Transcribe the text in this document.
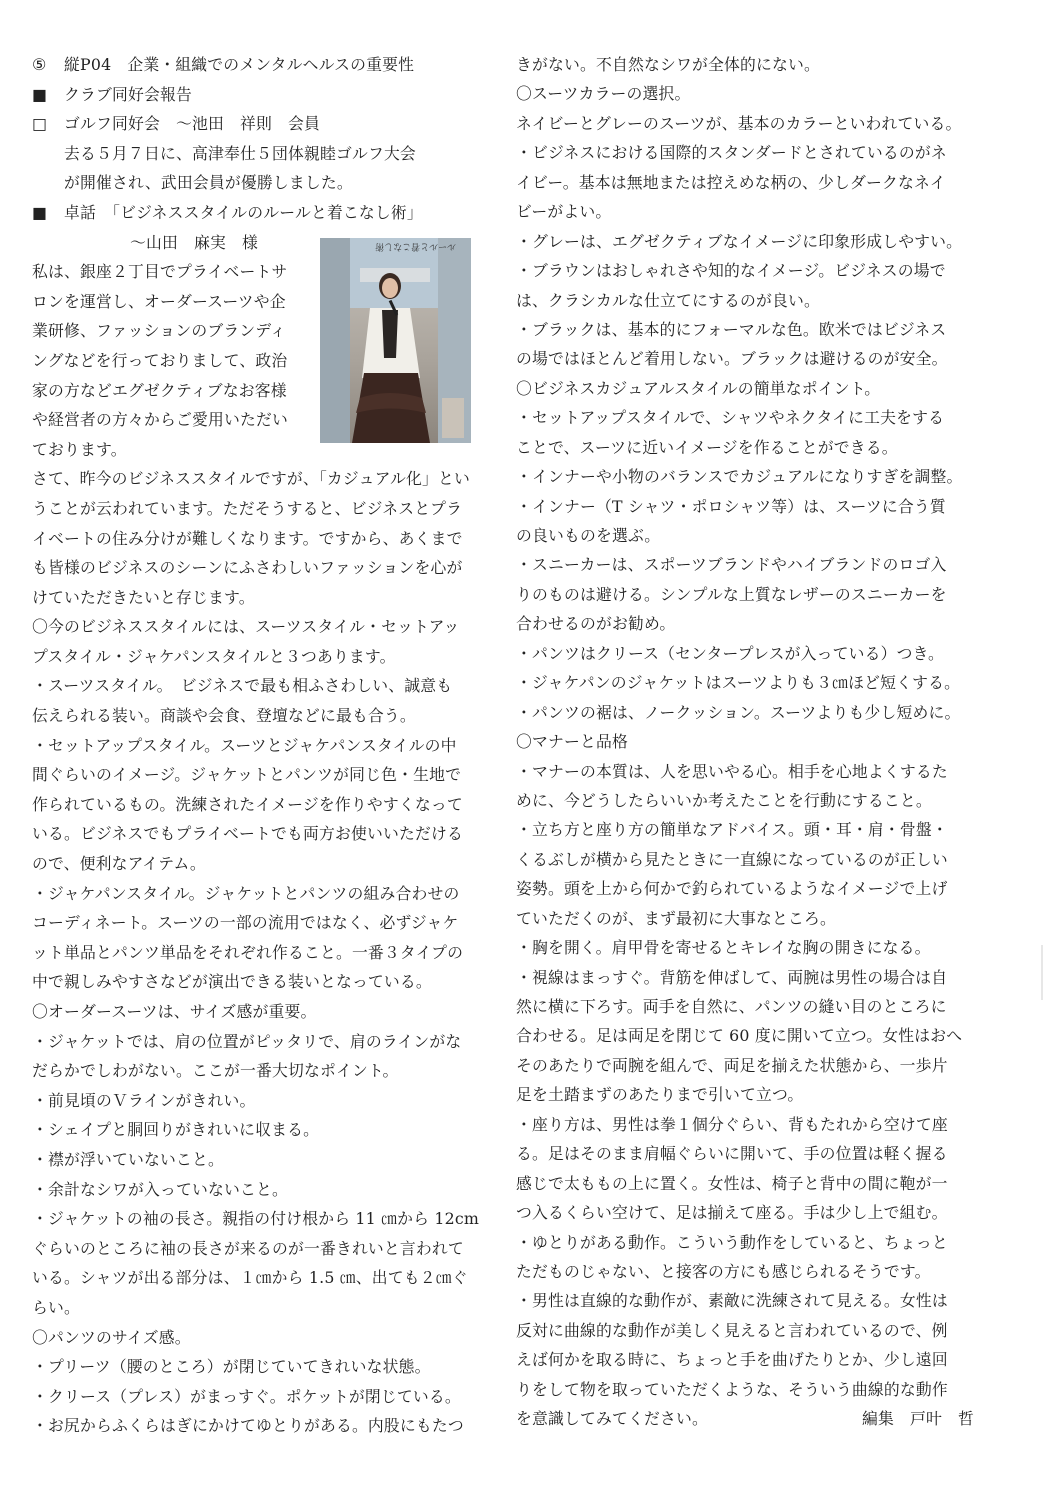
⑤ 縦P04　企業・組織でのメンタルヘルスの重要性
■ クラブ同好会報告
□ ゴルフ同好会　～池田　祥則　会員
去る５月７日に、高津奉仕５団体親睦ゴルフ大会
が開催され、武田会員が優勝しました。
■ 卓話　「ビジネススタイルのルールと着こなし術」
～山田　麻実　様
私は、銀座２丁目でプライベートサ
ロンを運営し、オーダースーツや企
業研修、ファッションのブランディ
ングなどを行っておりまして、政治
家の方などエグゼクティブなお客様
や経営者の方々からご愛用いただい
ております。
さて、昨今のビジネススタイルですが、「カジュアル化」とい
うことが云われています。ただそうすると、ビジネスとプラ
イベートの住み分けが難しくなります。ですから、あくまで
も皆様のビジネスのシーンにふさわしいファッションを心が
けていただきたいと存じます。
〇今のビジネススタイルには、スーツスタイル・セットアッ
プスタイル・ジャケパンスタイルと３つあります。
・スーツスタイル。　ビジネスで最も相ふさわしい、誠意も
伝えられる装い。商談や会食、登壇などに最も合う。
・セットアップスタイル。スーツとジャケパンスタイルの中
間ぐらいのイメージ。ジャケットとパンツが同じ色・生地で
作られているもの。洗練されたイメージを作りやすくなって
いる。ビジネスでもプライベートでも両方お使いいただける
ので、便利なアイテム。
・ジャケパンスタイル。ジャケットとパンツの組み合わせの
コーディネート。スーツの一部の流用ではなく、必ずジャケ
ット単品とパンツ単品をそれぞれ作ること。一番３タイプの
中で親しみやすさなどが演出できる装いとなっている。
〇オーダースーツは、サイズ感が重要。
・ジャケットでは、肩の位置がピッタリで、肩のラインがな
だらかでしわがない。ここが一番大切なポイント。
・前見頃のＶラインがきれい。
・シェイプと胴回りがきれいに収まる。
・襟が浮いていないこと。
・余計なシワが入っていないこと。
・ジャケットの袖の長さ。親指の付け根から 11 ㎝から 12cm
ぐらいのところに袖の長さが来るのが一番きれいと言われて
いる。シャツが出る部分は、１㎝から 1.5 ㎝、出ても２㎝ぐ
らい。
〇パンツのサイズ感。
・プリーツ（腰のところ）が閉じていてきれいな状態。
・クリース（プレス）がまっすぐ。ポケットが閉じている。
・お尻からふくらはぎにかけてゆとりがある。内股にもたつ
ルールと着こなし術
きがない。不自然なシワが全体的にない。
〇スーツカラーの選択。
ネイビーとグレーのスーツが、基本のカラーといわれている。
・ビジネスにおける国際的スタンダードとされているのがネ
イビー。基本は無地または控えめな柄の、少しダークなネイ
ビーがよい。
・グレーは、エグゼクティブなイメージに印象形成しやすい。
・ブラウンはおしゃれさや知的なイメージ。ビジネスの場で
は、クラシカルな仕立てにするのが良い。
・ブラックは、基本的にフォーマルな色。欧米ではビジネス
の場ではほとんど着用しない。ブラックは避けるのが安全。
〇ビジネスカジュアルスタイルの簡単なポイント。
・セットアップスタイルで、シャツやネクタイに工夫をする
ことで、スーツに近いイメージを作ることができる。
・インナーや小物のバランスでカジュアルになりすぎを調整。
・インナー（T シャツ・ポロシャツ等）は、スーツに合う質
の良いものを選ぶ。
・スニーカーは、スポーツブランドやハイブランドのロゴ入
りのものは避ける。シンプルな上質なレザーのスニーカーを
合わせるのがお勧め。
・パンツはクリース（センタープレスが入っている）つき。
・ジャケパンのジャケットはスーツよりも３㎝ほど短くする。
・パンツの裾は、ノークッション。スーツよりも少し短めに。
〇マナーと品格
・マナーの本質は、人を思いやる心。相手を心地よくするた
めに、今どうしたらいいか考えたことを行動にすること。
・立ち方と座り方の簡単なアドバイス。頭・耳・肩・骨盤・
くるぶしが横から見たときに一直線になっているのが正しい
姿勢。頭を上から何かで釣られているようなイメージで上げ
ていただくのが、まず最初に大事なところ。
・胸を開く。肩甲骨を寄せるとキレイな胸の開きになる。
・視線はまっすぐ。背筋を伸ばして、両腕は男性の場合は自
然に横に下ろす。両手を自然に、パンツの縫い目のところに
合わせる。足は両足を閉じて 60 度に開いて立つ。女性はおへ
そのあたりで両腕を組んで、両足を揃えた状態から、一歩片
足を土踏まずのあたりまで引いて立つ。
・座り方は、男性は拳１個分ぐらい、背もたれから空けて座
る。足はそのまま肩幅ぐらいに開いて、手の位置は軽く握る
感じで太ももの上に置く。女性は、椅子と背中の間に鞄が一
つ入るくらい空けて、足は揃えて座る。手は少し上で組む。
・ゆとりがある動作。こういう動作をしていると、ちょっと
ただものじゃない、と接客の方にも感じられるそうです。
・男性は直線的な動作が、素敵に洗練されて見える。女性は
反対に曲線的な動作が美しく見えると言われているので、例
えば何かを取る時に、ちょっと手を曲げたりとか、少し遠回
りをして物を取っていただくような、そういう曲線的な動作
を意識してみてください。	編集　戸叶　哲
